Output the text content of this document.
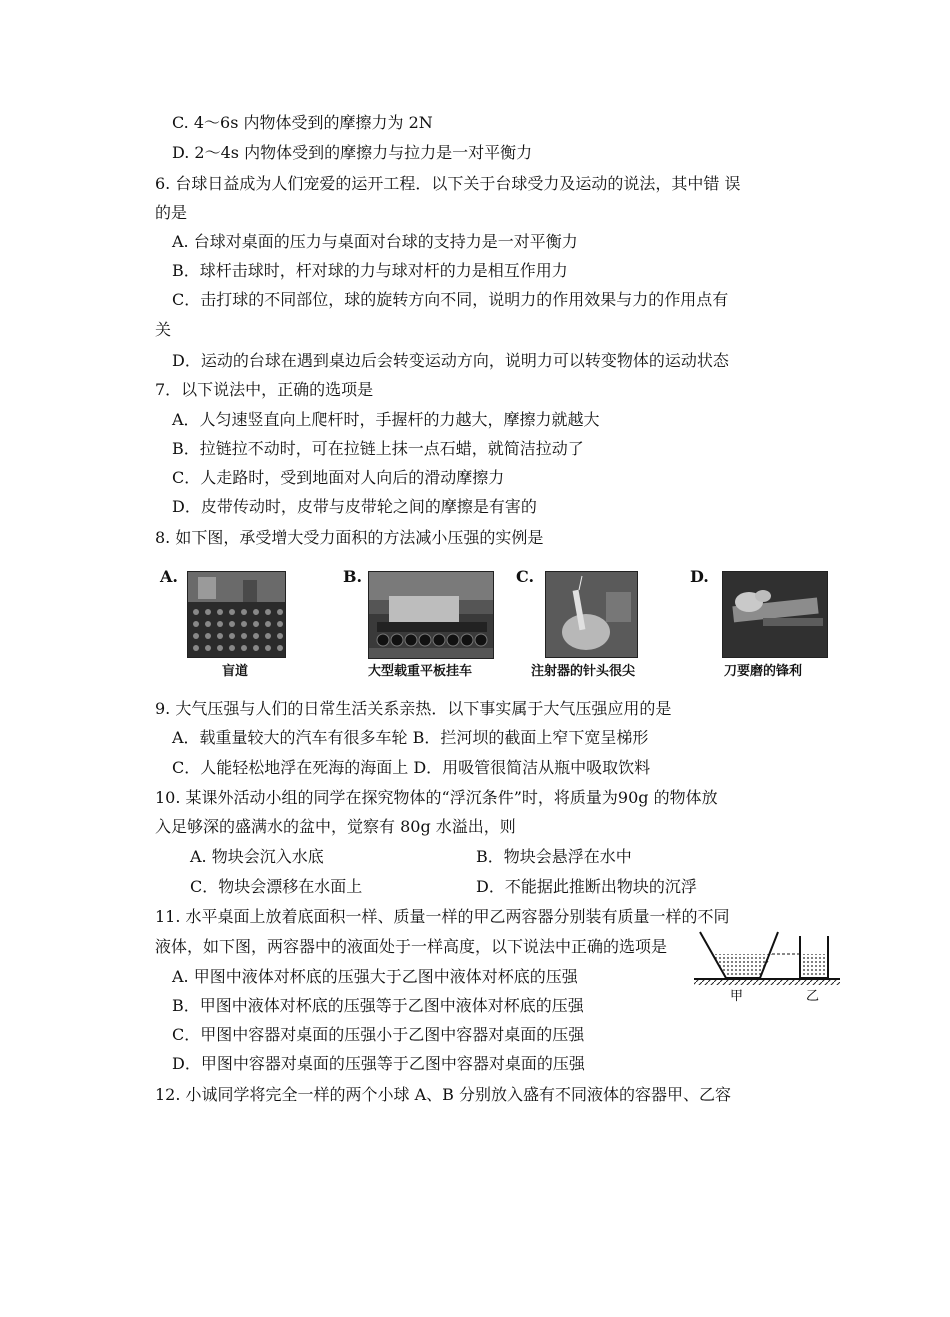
C. 4～6s 内物体受到的摩擦力为 2N
D. 2～4s 内物体受到的摩擦力与拉力是一对平衡力
6. 台球日益成为人们宠爱的运开工程．以下关于台球受力及运动的说法，其中错 误
的是
A. 台球对桌面的压力与桌面对台球的支持力是一对平衡力
B．球杆击球时，杆对球的力与球对杆的力是相互作用力
C．击打球的不同部位，球的旋转方向不同，说明力的作用效果与力的作用点有
关
D．运动的台球在遇到桌边后会转变运动方向，说明力可以转变物体的运动状态
7．以下说法中，正确的选项是
A．人匀速竖直向上爬杆时，手握杆的力越大，摩擦力就越大
B．拉链拉不动时，可在拉链上抹一点石蜡，就简洁拉动了
C．人走路时，受到地面对人向后的滑动摩擦力
D．皮带传动时，皮带与皮带轮之间的摩擦是有害的
8. 如下图，承受增大受力面积的方法减小压强的实例是
A.
盲道
B.
大型载重平板挂车
C.
注射器的针头很尖
D.
刀要磨的锋利
9. 大气压强与人们的日常生活关系亲热．以下事实属于大气压强应用的是
A．载重量较大的汽车有很多车轮 B．拦河坝的截面上窄下宽呈梯形
C．人能轻松地浮在死海的海面上 D．用吸管很简洁从瓶中吸取饮料
10. 某课外活动小组的同学在探究物体的“浮沉条件”时，将质量为90g 的物体放
入足够深的盛满水的盆中，觉察有 80g 水溢出，则
A. 物块会沉入水底	B．物块会悬浮在水中
C．物块会漂移在水面上	D．不能据此推断出物块的沉浮
11. 水平桌面上放着底面积一样、质量一样的甲乙两容器分别装有质量一样的不同
液体，如下图，两容器中的液面处于一样高度，以下说法中正确的选项是
A. 甲图中液体对杯底的压强大于乙图中液体对杯底的压强
B．甲图中液体对杯底的压强等于乙图中液体对杯底的压强
C．甲图中容器对桌面的压强小于乙图中容器对桌面的压强
D．甲图中容器对桌面的压强等于乙图中容器对桌面的压强
甲	乙
12. 小诚同学将完全一样的两个小球 A、B 分别放入盛有不同液体的容器甲、乙容
